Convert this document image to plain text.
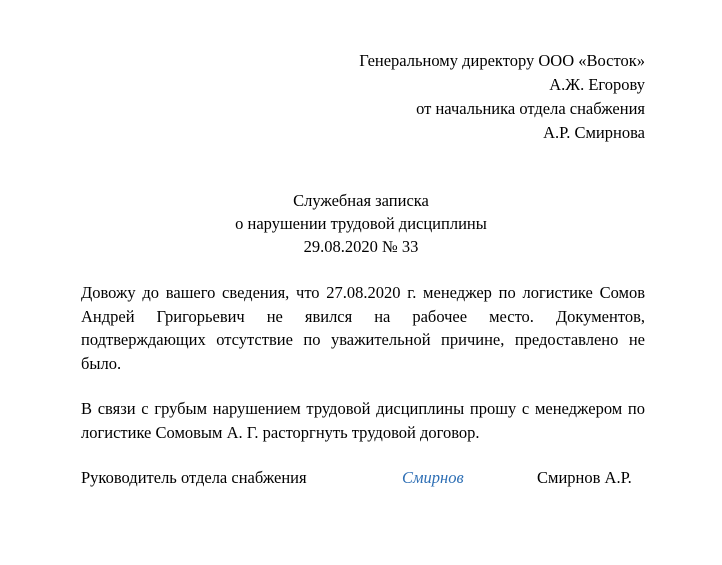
Генеральному директору ООО «Восток»
А.Ж. Егорову
от начальника отдела снабжения
А.Р. Смирнова
Служебная записка
о нарушении трудовой дисциплины
29.08.2020 № 33

Довожу до вашего сведения, что 27.08.2020 г. менеджер по логистике Сомов Андрей Григорьевич не явился на рабочее место. Документов, подтверждающих отсутствие по уважительной причине, предоставлено не было.

В связи с грубым нарушением трудовой дисциплины прошу с менеджером по логистике Сомовым А. Г. расторгнуть трудовой договор.

Руководитель отдела снабжения	Смирнов	Смирнов А.Р.
